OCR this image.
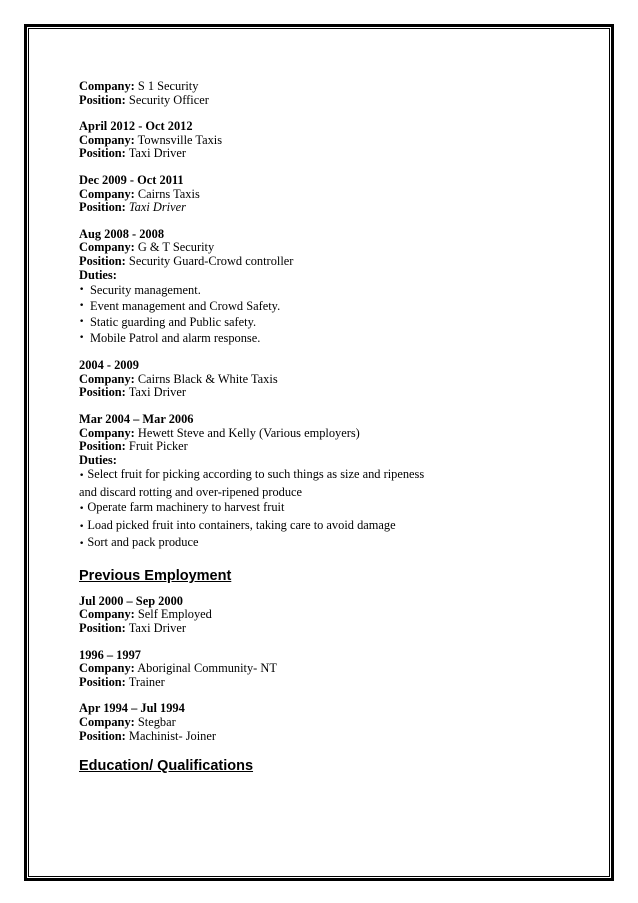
Company: S 1 Security
Position: Security Officer
April 2012 - Oct 2012
Company: Townsville Taxis
Position: Taxi Driver
Dec 2009 - Oct 2011
Company: Cairns Taxis
Position: Taxi Driver
Aug 2008 - 2008
Company: G & T Security
Position: Security Guard-Crowd controller
Duties:
• Security management.
• Event management and Crowd Safety.
• Static guarding and Public safety.
• Mobile Patrol and alarm response.
2004 - 2009
Company: Cairns Black & White Taxis
Position: Taxi Driver
Mar 2004 – Mar 2006
Company: Hewett Steve and Kelly (Various employers)
Position: Fruit Picker
Duties:
• Select fruit for picking according to such things as size and ripeness
and discard rotting and over-ripened produce
• Operate farm machinery to harvest fruit
• Load picked fruit into containers, taking care to avoid damage
• Sort and pack produce
Previous Employment
Jul 2000 – Sep 2000
Company: Self Employed
Position: Taxi Driver
1996 – 1997
Company: Aboriginal Community- NT
Position: Trainer
Apr 1994 – Jul 1994
Company: Stegbar
Position: Machinist- Joiner
Education/ Qualifications
